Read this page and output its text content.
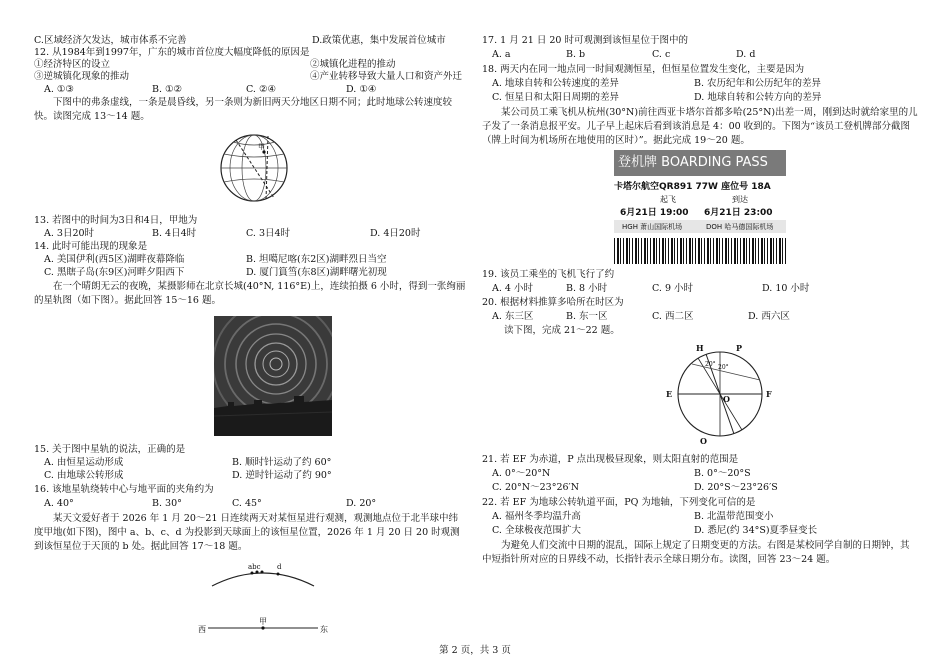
C.区域经济欠发达，城市体系不完善	D.政策优惠，集中发展首位城市
12. 从1984年到1997年，广东的城市首位度大幅度降低的原因是
①经济特区的设立	②城镇化进程的推动
③逆城镇化现象的推动	④产业转移导致大量人口和资产外迁
A. ①③	B. ①②	C. ②④	D. ①④
下图中的弗条虚线，一条是晨昏线，另一条则为新旧两天分地区日期不同；此时地球公转速度较快。读图完成 13～14 题。
甲
13. 若图中的时间为3日和4日，甲地为
A. 3日20时	B. 4日4时	C. 3日4时	D. 4日20时
14. 此时可能出现的现象是
A. 美国伊利(西5区)湖畔夜幕降临	B. 坦噶尼喀(东2区)湖畔烈日当空
C. 黑瞎子岛(东9区)河畔夕阳西下	D. 厦门篔筜(东8区)湖畔曙光初现
在一个晴朗无云的夜晚，某摄影师在北京长城(40°N, 116°E)上，连续拍摄 6 小时，得到一张绚丽的星轨图（如下图）。据此回答 15～16 题。
15. 关于图中星轨的说法，正确的是
A. 由恒星运动形成	B. 顺时针运动了约 60°
C. 由地球公转形成	D. 逆时针运动了约 90°
16. 该地星轨绕转中心与地平面的夹角约为
A. 40°	B. 30°	C. 45°	D. 20°
某天文爱好者于 2026 年 1 月 20～21 日连续两天对某恒星进行观测，观测地点位于北半球中纬度甲地(如下图)，图中 a、b、c、d 为投影到天球面上的该恒星位置，2026 年 1 月 20 日 20 时观测到该恒星位于天顶的 b 处。据此回答 17～18 题。
abc d
甲
西	东
17. 1 月 21 日 20 时可观测到该恒星位于图中的
A. a	B. b	C. c	D. d
18. 两天内在同一地点同一时间观测恒星，但恒星位置发生变化，主要是因为
A. 地球自转和公转速度的差异	B. 农历纪年和公历纪年的差异
C. 恒星日和太阳日周期的差异	D. 地球自转和公转方向的差异
某公司员工乘飞机从杭州(30°N)前往西亚卡塔尔首都多哈(25°N)出差一周，刚到达时就给家里的儿子发了一条消息报平安。儿子早上起床后看到该消息是 4：00 收到的。下图为“该员工登机牌部分截图（牌上时间为机场所在地使用的区时）”。据此完成 19～20 题。
登机牌 BOARDING PASS
卡塔尔航空QR891 77W 座位号 18A
起飞	到达
6月21日 19:00 6月21日 23:00
HGH 萧山国际机场	DOH 哈马德国际机场
19. 该员工乘坐的飞机飞行了约
A. 4 小时	B. 8 小时	C. 9 小时	D. 10 小时
20. 根据材料推算多哈所在时区为
A. 东三区	B. 东一区	C. 西二区	D. 西六区
读下图，完成 21～22 题。
H	P
E	F
O
Q
20° 20°
21. 若 EF 为赤道，P 点出现极昼现象，则太阳直射的范围是
A. 0°～20°N	B. 0°～20°S
C. 20°N～23°26′N	D. 20°S～23°26′S
22. 若 EF 为地球公转轨道平面，PQ 为地轴，下列变化可信的是
A. 福州冬季均温升高	B. 北温带范围变小
C. 全球极夜范围扩大	D. 悉尼(约 34°S)夏季昼变长
为避免人们交流中日期的混乱，国际上规定了日期变更的方法。右图是某校同学自制的日期钟，其中短指针所对应的日界线不动，长指针表示全球日期分布。读图，回答 23～24 题。
第 2 页，共 3 页
